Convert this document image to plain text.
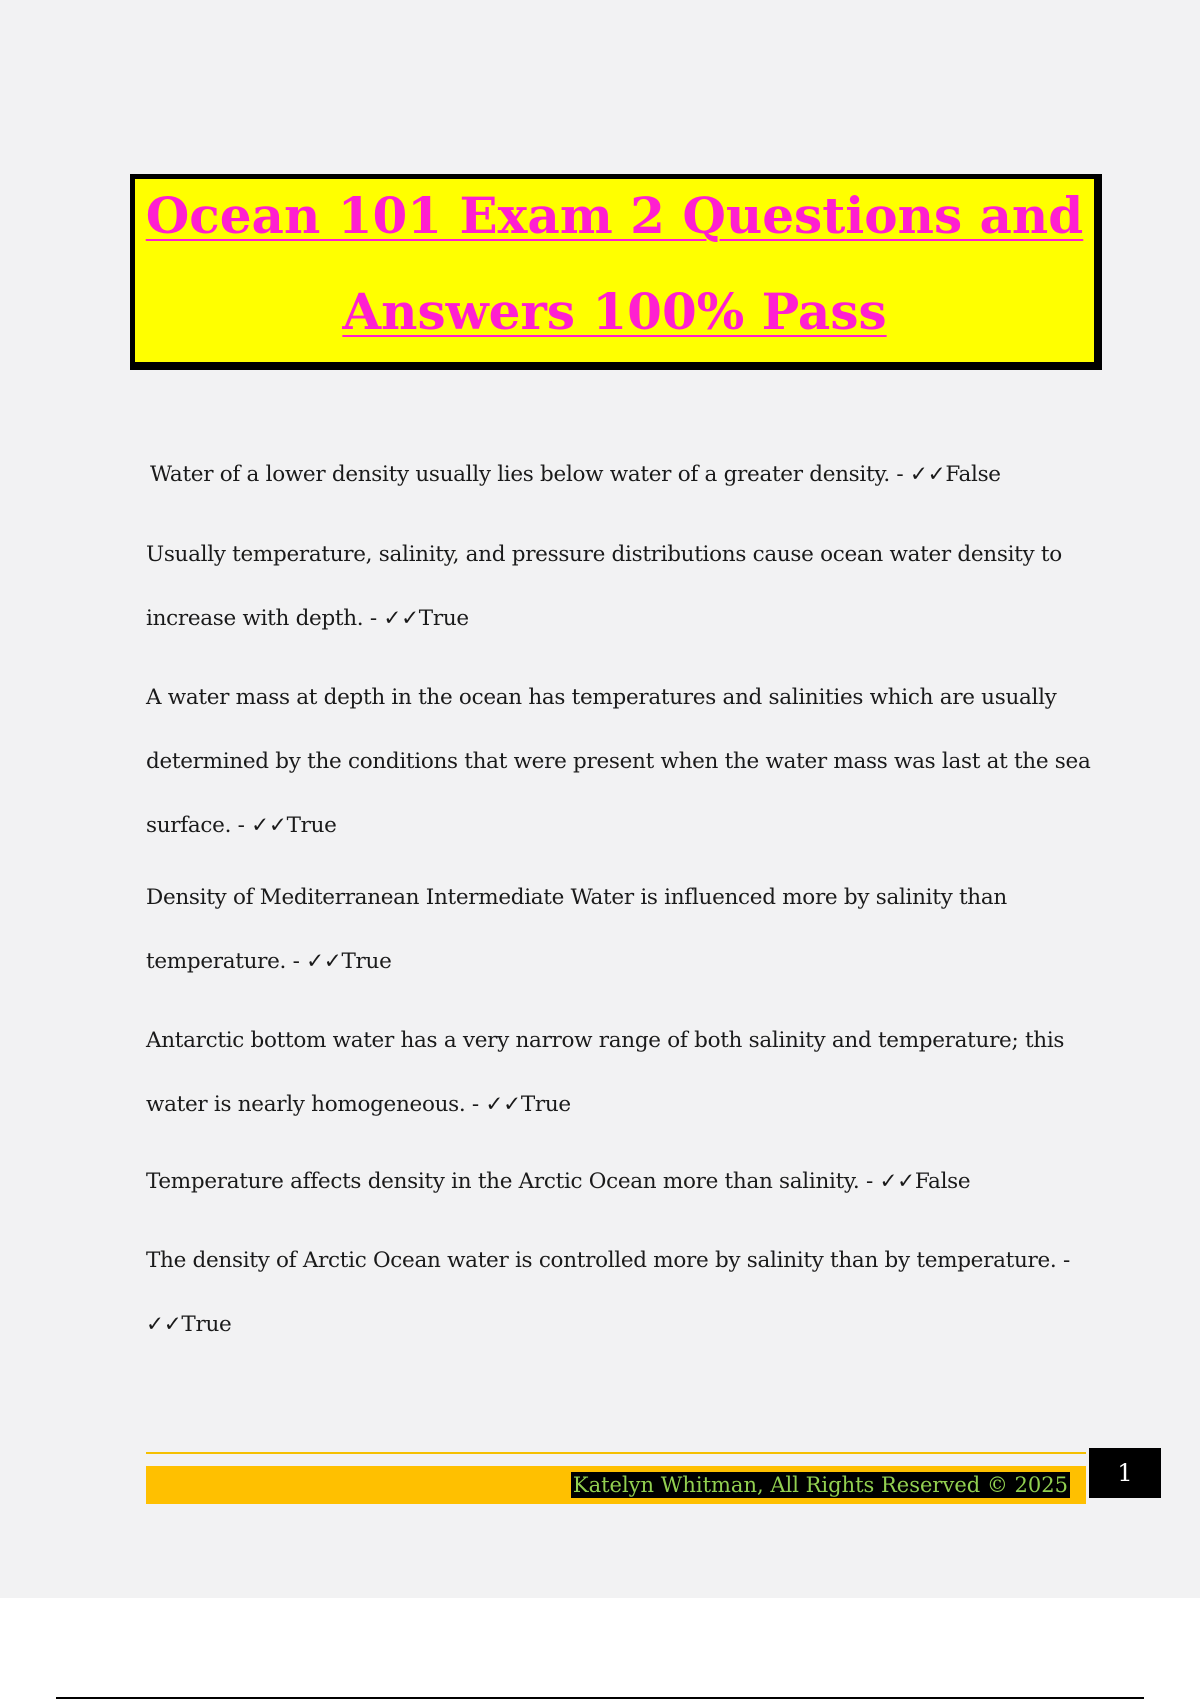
Ocean 101 Exam 2 Questions and
Answers 100% Pass

Water of a lower density usually lies below water of a greater density. - ✓✓False

Usually temperature, salinity, and pressure distributions cause ocean water density to increase with depth. - ✓✓True

A water mass at depth in the ocean has temperatures and salinities which are usually determined by the conditions that were present when the water mass was last at the sea surface. - ✓✓True

Density of Mediterranean Intermediate Water is influenced more by salinity than temperature. - ✓✓True

Antarctic bottom water has a very narrow range of both salinity and temperature; this water is nearly homogeneous. - ✓✓True

Temperature affects density in the Arctic Ocean more than salinity. - ✓✓False

The density of Arctic Ocean water is controlled more by salinity than by temperature. - ✓✓True

Katelyn Whitman, All Rights Reserved © 2025	1
